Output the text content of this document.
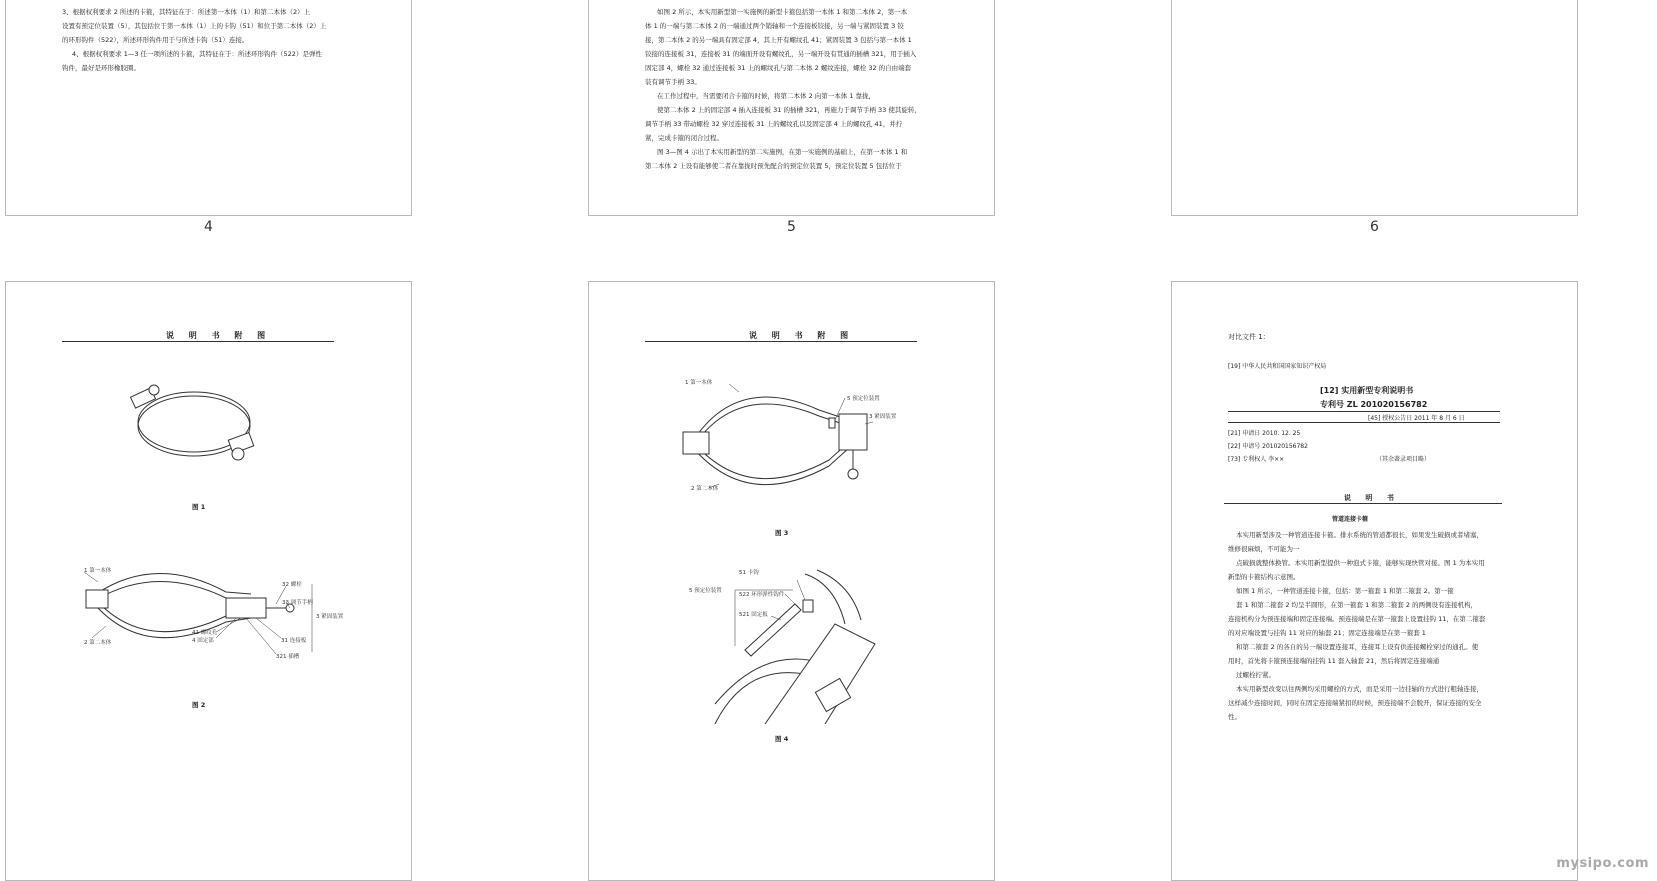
3、根据权利要求 2 所述的卡箍，其特征在于：所述第一本体（1）和第二本体（2）上
设置有预定位装置（5），其包括位于第一本体（1）上的卡钩（51）和位于第二本体（2）上
的环形钩件（522），所述环形钩件用于与所述卡钩（51）连接。
4、根据权利要求 1—3 任一项所述的卡箍，其特征在于：所述环形钩件（522）是弹性
钩件，最好是环形橡胶圈。
4
如图 2 所示，本实用新型第一实施例的新型卡箍包括第一本体 1 和第二本体 2，第一本
体 1 的一端与第二本体 2 的一端通过两个销轴和一个连接板铰接，另一端与紧固装置 3 铰
接，第二本体 2 的另一端具有固定部 4，其上开有螺纹孔 41；紧固装置 3 包括与第一本体 1
铰接的连接板 31，连接板 31 的端面开设有螺纹孔，另一端开设有贯通的插槽 321，用于插入
固定部 4，螺栓 32 通过连接板 31 上的螺纹孔与第二本体 2 螺纹连接，螺栓 32 的自由端套
装有调节手柄 33。
在工作过程中，当需要闭合卡箍的时候，将第二本体 2 向第一本体 1 靠拢，
使第二本体 2 上的固定部 4 插入连接板 31 的插槽 321，再施力于调节手柄 33 使其旋转，
调节手柄 33 带动螺栓 32 穿过连接板 31 上的螺纹孔以及固定部 4 上的螺纹孔 41，并拧
紧，完成卡箍的闭合过程。
图 3—图 4 示出了本实用新型的第二实施例，在第一实施例的基础上，在第一本体 1 和
第二本体 2 上设有能够使二者在靠拢时预先配合的预定位装置 5，预定位装置 5 包括位于
5	6
说 明 书 附 图
图 1
1 第一本体
2 第二本体
32 螺栓
33 调节手柄
3 紧固装置
41 螺纹孔
4 固定部	31 连接板
321 插槽
图 2
说 明 书 附 图
1 第一本体
2 第二本体
5 预定位装置
3 紧固装置
图 3
5 预定位装置
51 卡钩
522 环形弹性钩件
521 固定板
图 4
对比文件 1：
[19] 中华人民共和国国家知识产权局
[12] 实用新型专利说明书
专利号 ZL 201020156782
[45] 授权公告日 2011 年 8 月 6 日
[21] 申请日 2010. 12. 25
[22] 申请号 201020156782
[73] 专利权人 李××	（其余著录项目略）
说 明 书
管道连接卡箍
本实用新型涉及一种管道连接卡箍。排水系统的管道都很长，如果发生破损或者堵塞，
维修很麻烦，不可能为一
点破损就整体换管。本实用新型提供一种泡式卡箍，能够实现快管对接。图 1 为本实用
新型的卡箍结构示意图。
如图 1 所示，一种管道连接卡箍，包括：第一箍套 1 和第二箍套 2。第一箍
套 1 和第二箍套 2 均呈半圆形，在第一箍套 1 和第二箍套 2 的两侧设有连接机构，
连接机构分为预连接端和固定连接端。预连接端是在第一箍套上设置挂钩 11，在第二箍套
的对应端设置与挂钩 11 对应的轴套 21；固定连接端是在第一箍套 1
和第二箍套 2 的各自的另一端设置连接耳，连接耳上设有供连接螺栓穿过的通孔。使
用时，首先将卡箍预连接端的挂钩 11 套入轴套 21，然后将固定连接端通
过螺栓拧紧。
本实用新型改变以往两侧均采用螺栓的方式，而是采用一边挂轴的方式进行粗轴连接，
这样减少连接时间，同时在固定连接端紧扣的时候，预连接端不会脱开，保证连接的安全
性。
mysipo.com
